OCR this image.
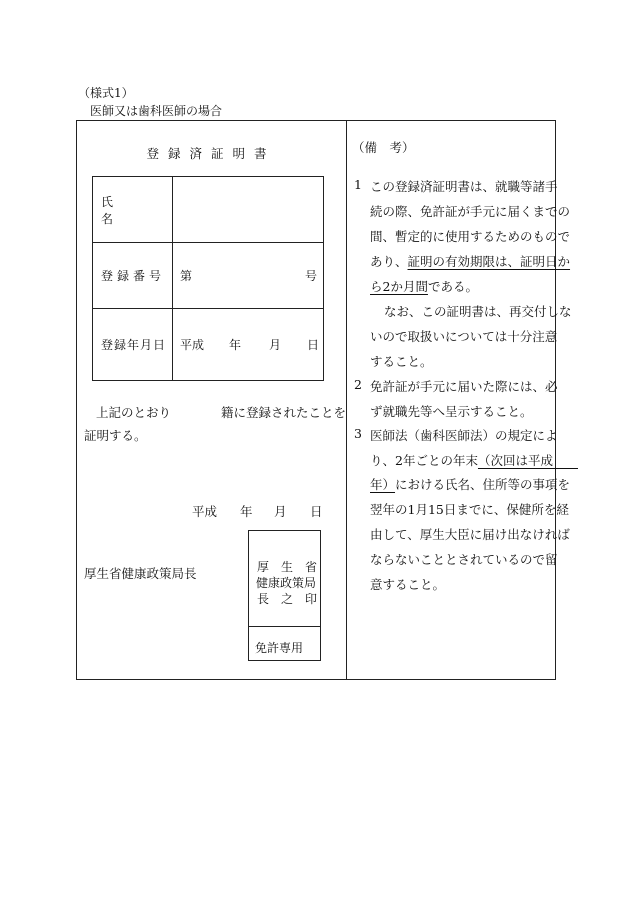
（様式1）
医師又は歯科医師の場合
登録済証明書
氏名
登録番号 第	号
登録年月日 平成 年 月 日
上記のとおり　　　　籍に登録されたことを
証明する。
平成 年 月 日
厚生省健康政策局長	厚　生　省
健康政策局
長　之　印
免許専用
（備　考）
1 この登録済証明書は、就職等諸手
続の際、免許証が手元に届くまでの
間、暫定的に使用するためのもので
あり、証明の有効期限は、証明日か
ら2か月間である。
なお、この証明書は、再交付しな
いので取扱いについては十分注意
すること。
2 免許証が手元に届いた際には、必
ず就職先等へ呈示すること。
3 医師法（歯科医師法）の規定によ
り、2年ごとの年末（次回は平成　　
年）における氏名、住所等の事項を
翌年の1月15日までに、保健所を経
由して、厚生大臣に届け出なければ
ならないこととされているので留
意すること。
